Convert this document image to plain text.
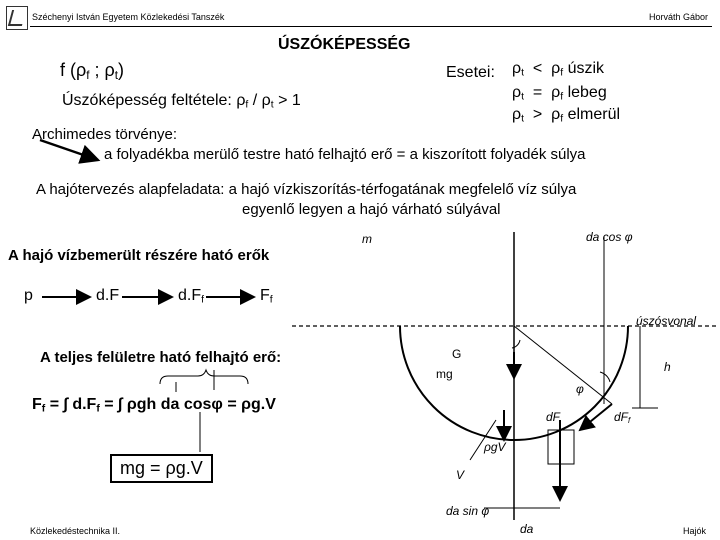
Széchenyi István Egyetem Közlekedési Tanszék	Horváth Gábor
ÚSZÓKÉPESSÉG
f ($\rho_f$ ; $\rho_t$)
Úszóképesség feltétele: $\rho_f / \rho_t > 1$
Esetei: $\rho_t < \rho_f$ úszik
$\rho_t = \rho_f$ lebeg
$\rho_t > \rho_f$ elmerül
Archimedes törvénye:
a folyadékba merülő testre ható felhajtó erő = a kiszorított folyadék súlya
A hajótervezés alapfeladata: a hajó vízkiszorítás-térfogatának megfelelő víz súlya
egyenlő legyen a hajó várható súlyával
A hajó vízbemerült részére ható erők
p	d.F	$d.F_f$	$F_f$
A teljes felületre ható felhajtó erő:
$F_f$ = ∫ $d.F_f$ = ∫ ρgh da cosφ = ρg.V
mg = ρg.V
m	da cos φ
úszósvonal
G
mg	h
$dF_f$
dF
φ
V
ρgV
da sin φ
da
Közlekedéstechnika II.	Hajók
